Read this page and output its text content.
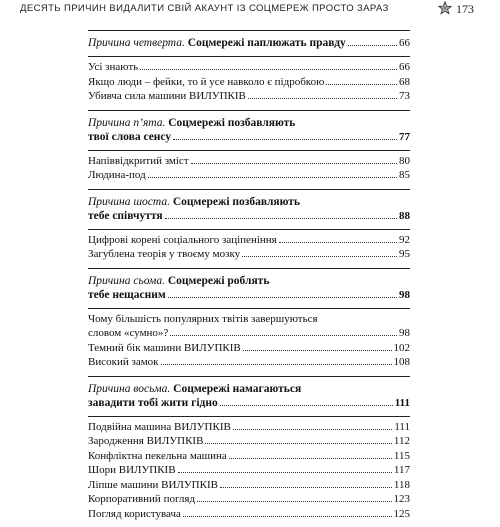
ДЕСЯТЬ ПРИЧИН ВИДАЛИТИ СВІЙ АКАУНТ ІЗ СОЦМЕРЕЖ ПРОСТО ЗАРАЗ	173
Причина четверта. Соцмережі паплюжать правду	66
Усі знають	66
Якщо люди – фейки, то й усе навколо є підробкою	68
Убивча сила машини ВИЛУПКІВ	73
Причина п’ята. Соцмережі позбавляють
твої слова сенсу	77
Напіввідкритий зміст	80
Людина-под	85
Причина шоста. Соцмережі позбавляють
тебе співчуття	88
Цифрові корені соціального заціпеніння	92
Загублена теорія у твоєму мозку	95
Причина сьома. Соцмережі роблять
тебе нещасним	98
Чому більшість популярних твітів завершуються
словом «сумно»?	98
Темний бік машини ВИЛУПКІВ	102
Високий замок	108
Причина восьма. Соцмережі намагаються
завадити тобі жити гідно	111
Подвійна машина ВИЛУПКІВ	111
Зародження ВИЛУПКІВ	112
Конфліктна пекельна машина	115
Шори ВИЛУПКІВ	117
Ліпше машини ВИЛУПКІВ	118
Корпоративний погляд	123
Погляд користувача	125
